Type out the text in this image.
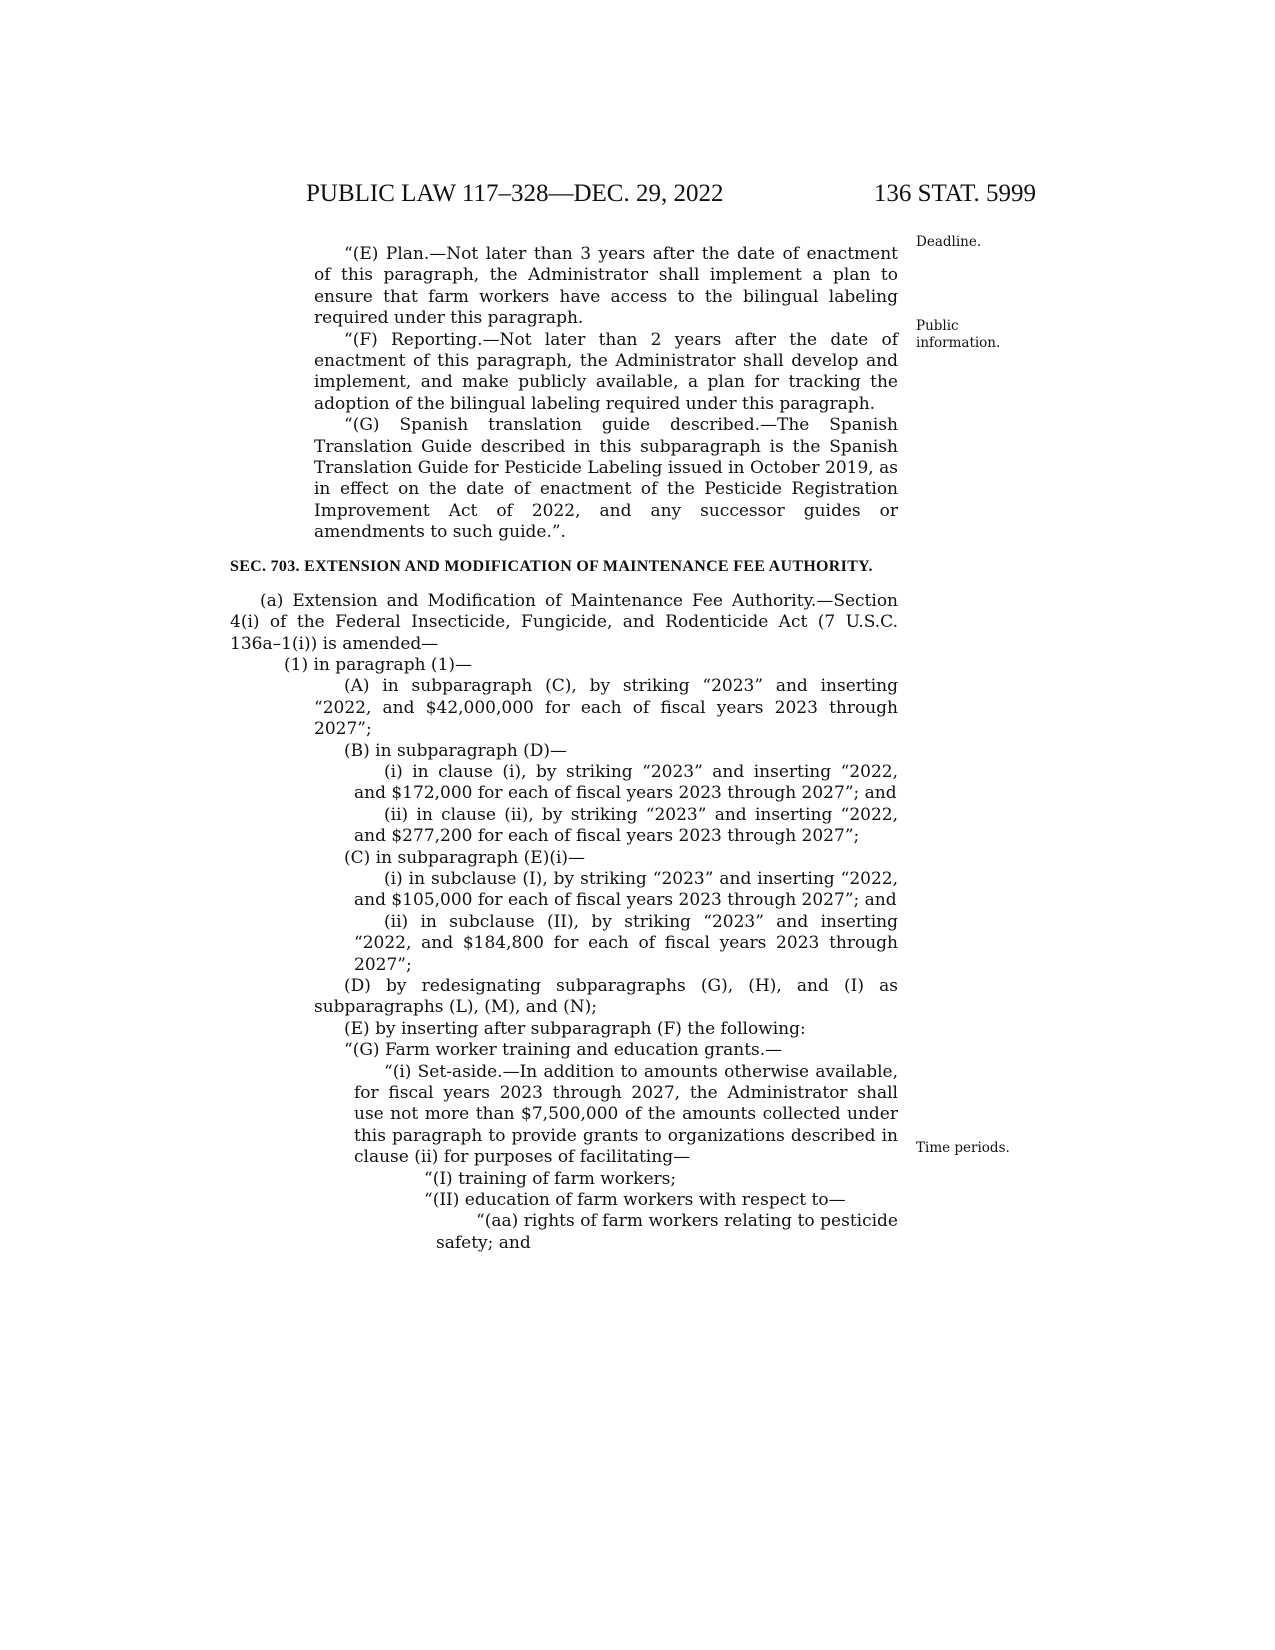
PUBLIC LAW 117–328—DEC. 29, 2022	136 STAT. 5999

“(E) Plan.—Not later than 3 years after the date of enactment of this paragraph, the Administrator shall implement a plan to ensure that farm workers have access to the bilingual labeling required under this paragraph.

“(F) Reporting.—Not later than 2 years after the date of enactment of this paragraph, the Administrator shall develop and implement, and make publicly available, a plan for tracking the adoption of the bilingual labeling required under this paragraph.

“(G) Spanish translation guide described.—The Spanish Translation Guide described in this subparagraph is the Spanish Translation Guide for Pesticide Labeling issued in October 2019, as in effect on the date of enactment of the Pesticide Registration Improvement Act of 2022, and any successor guides or amendments to such guide.”.

SEC. 703. EXTENSION AND MODIFICATION OF MAINTENANCE FEE AUTHORITY.

(a) Extension and Modification of Maintenance Fee Authority.—Section 4(i) of the Federal Insecticide, Fungicide, and Rodenticide Act (7 U.S.C. 136a–1(i)) is amended—

(1) in paragraph (1)—

(A) in subparagraph (C), by striking “2023” and inserting “2022, and $42,000,000 for each of fiscal years 2023 through 2027”;

(B) in subparagraph (D)—

(i) in clause (i), by striking “2023” and inserting “2022, and $172,000 for each of fiscal years 2023 through 2027”; and

(ii) in clause (ii), by striking “2023” and inserting “2022, and $277,200 for each of fiscal years 2023 through 2027”;

(C) in subparagraph (E)(i)—

(i) in subclause (I), by striking “2023” and inserting “2022, and $105,000 for each of fiscal years 2023 through 2027”; and

(ii) in subclause (II), by striking “2023” and inserting “2022, and $184,800 for each of fiscal years 2023 through 2027”;

(D) by redesignating subparagraphs (G), (H), and (I) as subparagraphs (L), (M), and (N);

(E) by inserting after subparagraph (F) the following:

“(G) Farm worker training and education grants.—

“(i) Set-aside.—In addition to amounts otherwise available, for fiscal years 2023 through 2027, the Administrator shall use not more than $7,500,000 of the amounts collected under this paragraph to provide grants to organizations described in clause (ii) for purposes of facilitating—

“(I) training of farm workers;

“(II) education of farm workers with respect to—

“(aa) rights of farm workers relating to pesticide safety; and

Deadline.
Public information.
Time periods.
